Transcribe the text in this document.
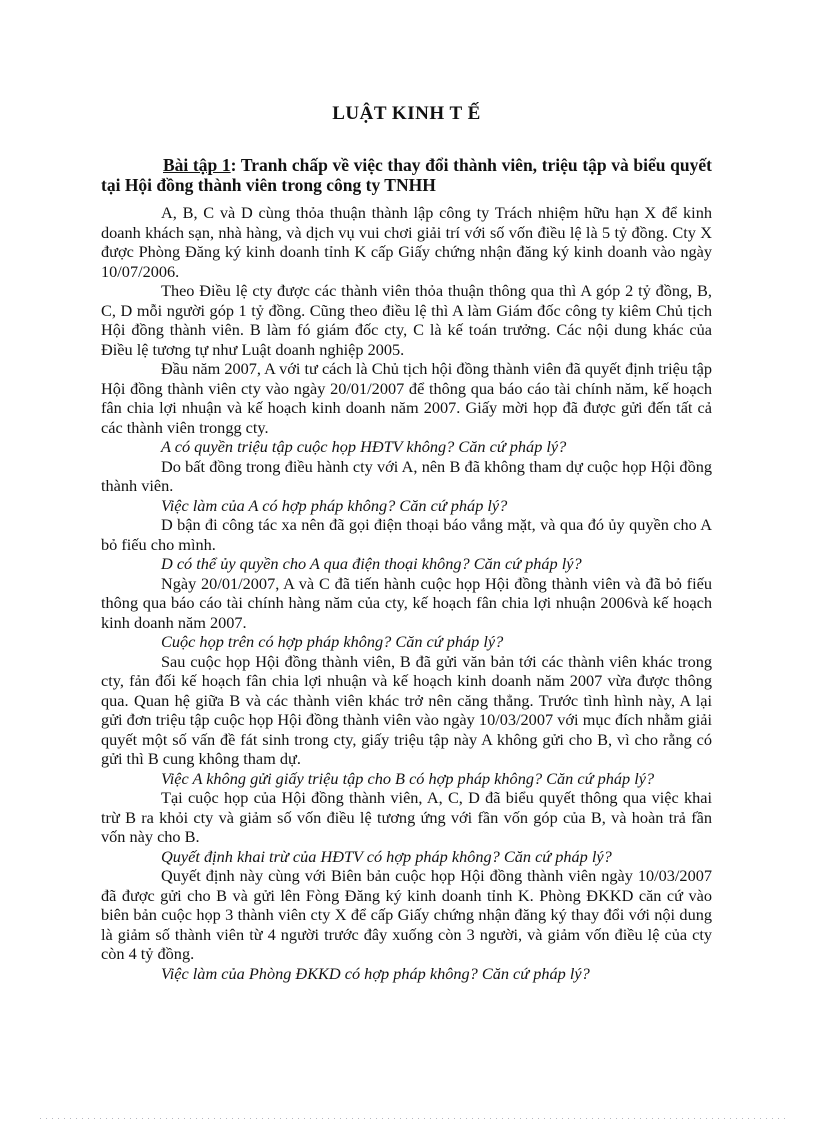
LUẬT KINH T Ế

Bài tập 1: Tranh chấp về việc thay đổi thành viên, triệu tập và biểu quyết tại Hội đồng thành viên trong công ty TNHH

A, B, C và D cùng thỏa thuận thành lập công ty Trách nhiệm hữu hạn X để kinh doanh khách sạn, nhà hàng, và dịch vụ vui chơi giải trí với số vốn điều lệ là 5 tỷ đồng. Cty X được Phòng Đăng ký kinh doanh tỉnh K cấp Giấy chứng nhận đăng ký kinh doanh vào ngày 10/07/2006.

Theo Điều lệ cty được các thành viên thỏa thuận thông qua thì A góp 2 tỷ đồng, B, C, D mỗi người góp 1 tỷ đồng. Cũng theo điều lệ thì A làm Giám đốc công ty kiêm Chủ tịch Hội đồng thành viên. B làm fó giám đốc cty, C là kế toán trưởng. Các nội dung khác của Điều lệ tương tự như Luật doanh nghiệp 2005.

Đầu năm 2007, A với tư cách là Chủ tịch hội đồng thành viên đã quyết định triệu tập Hội đồng thành viên cty vào ngày 20/01/2007 để thông qua báo cáo tài chính năm, kế hoạch fân chia lợi nhuận và kế hoạch kinh doanh năm 2007. Giấy mời họp đã được gửi đến tất cả các thành viên trongg cty.

A có quyền triệu tập cuộc họp HĐTV không? Căn cứ pháp lý?

Do bất đồng trong điều hành cty với A, nên B đã không tham dự cuộc họp Hội đồng thành viên.

Việc làm của A có hợp pháp không? Căn cứ pháp lý?

D bận đi công tác xa nên đã gọi điện thoại báo vắng mặt, và qua đó ủy quyền cho A bỏ fiếu cho mình.

D có thể ủy quyền cho A qua điện thoại không? Căn cứ pháp lý?

Ngày 20/01/2007, A và C đã tiến hành cuộc họp Hội đồng thành viên và đã bỏ fiếu thông qua báo cáo tài chính hàng năm của cty, kế hoạch fân chia lợi nhuận 2006và kế hoạch kinh doanh năm 2007.

Cuộc họp trên có hợp pháp không? Căn cứ pháp lý?

Sau cuộc họp Hội đồng thành viên, B đã gửi văn bản tới các thành viên khác trong cty, fản đối kế hoạch fân chia lợi nhuận và kế hoạch kinh doanh năm 2007 vừa được thông qua. Quan hệ giữa B và các thành viên khác trở nên căng thẳng. Trước tình hình này, A lại gửi đơn triệu tập cuộc họp Hội đồng thành viên vào ngày 10/03/2007 với mục đích nhằm giải quyết một số vấn đề fát sinh trong cty, giấy triệu tập này A không gửi cho B, vì cho rằng có gửi thì B cung không tham dự.

Việc A không gửi giấy triệu tập cho B có hợp pháp không? Căn cứ pháp lý?

Tại cuộc họp của Hội đồng thành viên, A, C, D đã biểu quyết thông qua việc khai trừ B ra khỏi cty và giảm số vốn điều lệ tương ứng với fần vốn góp của B, và hoàn trả fần vốn này cho B.

Quyết định khai trừ của HĐTV có hợp pháp không? Căn cứ pháp lý?

Quyết định này cùng với Biên bản cuộc họp Hội đồng thành viên ngày 10/03/2007 đã được gửi cho B và gửi lên Fòng Đăng ký kinh doanh tỉnh K. Phòng ĐKKD căn cứ vào biên bản cuộc họp 3 thành viên cty X để cấp Giấy chứng nhận đăng ký thay đổi với nội dung là giảm số thành viên từ 4 người trước đây xuống còn 3 người, và giảm vốn điều lệ của cty còn 4 tỷ đồng.

Việc làm của Phòng ĐKKD có hợp pháp không? Căn cứ pháp lý?
